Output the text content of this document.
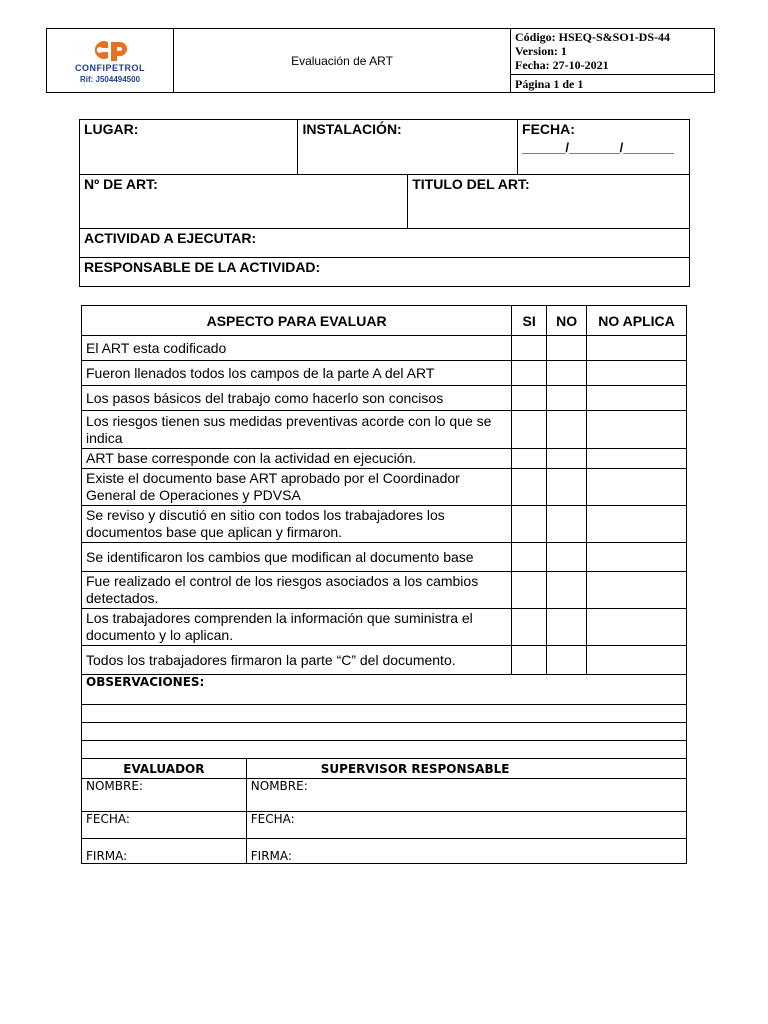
CONFIPETROL
Rif: J504494500
	Evaluación de ART	
Código: HSEQ-S&SO1-DS-44
Version: 1
Fecha: 27-10-2021
Página 1 de 1
LUGAR:	INSTALACIÓN:		FECHA:
______/_______/_______

Nº DE ART:		TITULO DEL ART:	
ACTIVIDAD A EJECUTAR:			
RESPONSABLE DE LA ACTIVIDAD:			
ASPECTO PARA EVALUAR		SI	NO	NO APLICA
El ART esta codificado				
Fueron llenados todos los campos de la parte A del ART				
Los pasos básicos del trabajo como hacerlo son concisos				
Los riesgos tienen sus medidas preventivas acorde con lo que se indica				
ART base corresponde con la actividad en ejecución.				
Existe el documento base ART aprobado por el Coordinador General de Operaciones y PDVSA				
Se reviso y discutió en sitio con todos los trabajadores los documentos base que aplican y firmaron.				
Se identificaron los cambios que modifican al documento base				
Fue realizado el control de los riesgos asociados a los cambios detectados.				
Los trabajadores comprenden la información que suministra el documento y lo aplican.				
Todos los trabajadores firmaron la parte “C” del documento.				
OBSERVACIONES:				

EVALUADOR	SUPERVISOR RESPONSABLE			
NOMBRE:	NOMBRE:			
FECHA:	FECHA:			
FIRMA:	FIRMA:			
